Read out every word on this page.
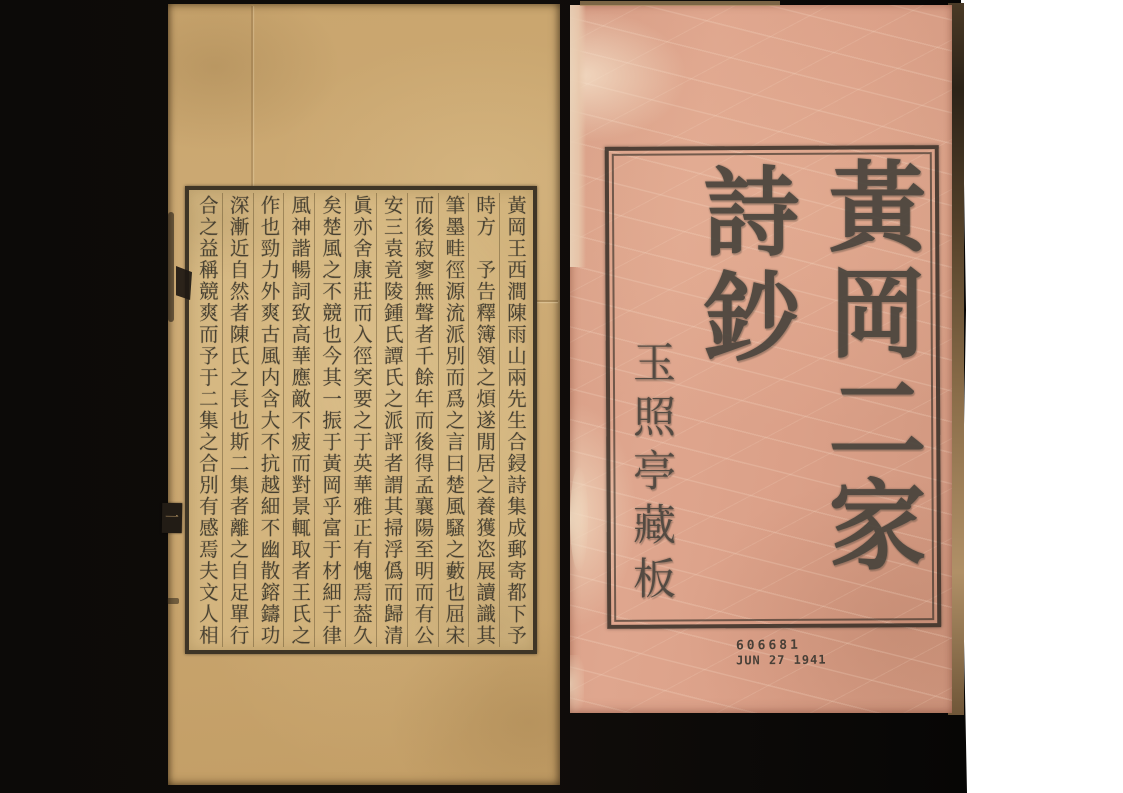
黃岡王西澗陳雨山兩先生合鋟詩集成郵寄都下予
時方　予告釋簿領之煩遂閒居之養獲恣展讀識其
筆墨畦徑源流派別而爲之言曰楚風騷之藪也屈宋
而後寂寥無聲者千餘年而後得孟襄陽至明而有公
安三袁竟陵鍾氏譚氏之派評者謂其掃浮僞而歸清
眞亦舍康莊而入徑穾要之于英華雅正有愧焉葢久
矣楚風之不競也今其一振于黃岡乎富于材細于律
風神諧暢詞致高華應敵不疲而對景輒取者王氏之
作也勁力外爽古風内含大不抗越細不幽散鎔鑄功
深漸近自然者陳氏之長也斯二集者離之自足單行
合之益稱競爽而予于二集之合別有感焉夫文人相
一	黃岡二家
詩鈔
玉照亭藏板
606681
JUN 27 1941
